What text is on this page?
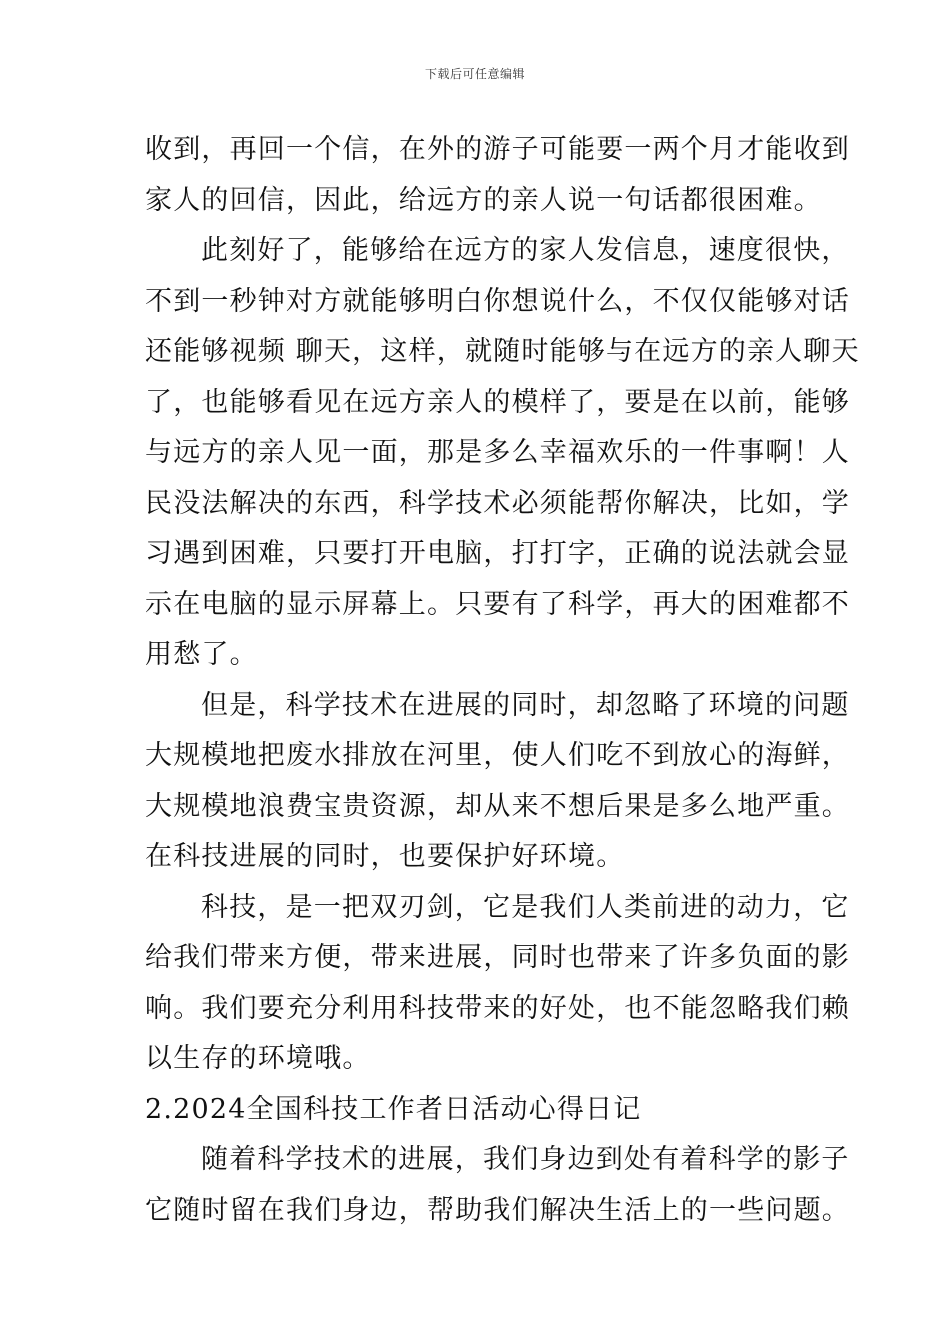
下载后可任意编辑
收到，再回一个信，在外的游子可能要一两个月才能收到
家人的回信，因此，给远方的亲人说一句话都很困难。
此刻好了，能够给在远方的家人发信息，速度很快，
不到一秒钟对方就能够明白你想说什么，不仅仅能够对话
还能够视频 聊天，这样，就随时能够与在远方的亲人聊天
了，也能够看见在远方亲人的模样了，要是在以前，能够
与远方的亲人见一面，那是多么幸福欢乐的一件事啊！人
民没法解决的东西，科学技术必须能帮你解决，比如，学
习遇到困难，只要打开电脑，打打字，正确的说法就会显
示在电脑的显示屏幕上。只要有了科学，再大的困难都不
用愁了。
但是，科学技术在进展的同时，却忽略了环境的问题
大规模地把废水排放在河里，使人们吃不到放心的海鲜，
大规模地浪费宝贵资源，却从来不想后果是多么地严重。
在科技进展的同时，也要保护好环境。
科技，是一把双刃剑，它是我们人类前进的动力，它
给我们带来方便，带来进展，同时也带来了许多负面的影
响。我们要充分利用科技带来的好处，也不能忽略我们赖
以生存的环境哦。
2.2024全国科技工作者日活动心得日记
随着科学技术的进展，我们身边到处有着科学的影子
它随时留在我们身边，帮助我们解决生活上的一些问题。
